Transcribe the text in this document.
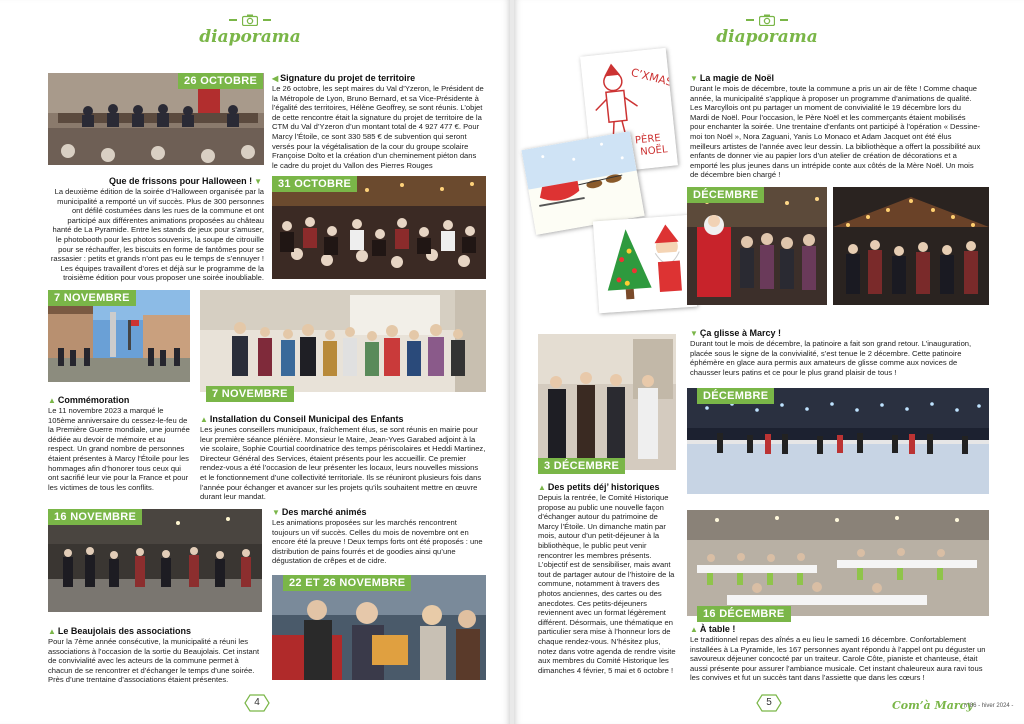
diaporama
26 OCTOBRE	◀ Signature du projet de territoire

Le 26 octobre, les sept maires du Val d’Yzeron, le Président de la Métropole de Lyon, Bruno Bernard, et sa Vice-Présidente à l’égalité des territoires, Hélène Geoffrey, se sont réunis. L’objet de cette rencontre était la signature du projet de territoire de la CTM du Val d’Yzeron d’un montant total de 4 927 477 €. Pour Marcy l’Étoile, ce sont 330 585 € de subvention qui seront versés pour la végétalisation de la cour du groupe scolaire Françoise Dolto et la création d’un cheminement piéton dans le cadre du projet du Vallon des Pierres Rouges

Que de frissons pour Halloween ! ▼

La deuxième édition de la soirée d’Halloween organisée par la municipalité a remporté un vif succès. Plus de 300 personnes ont défilé costumées dans les rues de la commune et ont participé aux différentes animations proposées au château hanté de La Pyramide. Entre les stands de jeux pour s’amuser, le photobooth pour les photos souvenirs, la soupe de citrouille pour se réchauffer, les biscuits en forme de fantômes pour se rassasier : petits et grands n’ont pas eu le temps de s’ennuyer ! Les équipes travaillent d’ores et déjà sur le programme de la troisième édition pour vous proposer une soirée inoubliable.

31 OCTOBRE
7 NOVEMBRE
7 NOVEMBRE
▲ Commémoration

Le 11 novembre 2023 a marqué le 105ème anniversaire du cessez-le-feu de la Première Guerre mondiale, une journée dédiée au devoir de mémoire et au respect. Un grand nombre de personnes étaient présentes à Marcy l’Étoile pour les hommages afin d’honorer tous ceux qui ont sacrifié leur vie pour la France et pour les victimes de tous les conflits.

▲ Installation du Conseil Municipal des Enfants

Les jeunes conseillers municipaux, fraîchement élus, se sont réunis en mairie pour leur première séance plénière. Monsieur le Maire, Jean-Yves Garabed adjoint à la vie scolaire, Sophie Courtial coordinatrice des temps périscolaires et Heddi Martinez, Directeur Général des Services, étaient présents pour les accueillir. Ce premier rendez-vous a été l’occasion de leur présenter les locaux, leurs nouvelles missions et le fonctionnement d’une collectivité territoriale. Ils se réuniront plusieurs fois dans l’année pour échanger et avancer sur les projets qu’ils souhaitent mettre en œuvre durant leur mandat.

16 NOVEMBRE	▼ Des marché animés

Les animations proposées sur les marchés rencontrent toujours un vif succès. Celles du mois de novembre ont en encore été la preuve ! Deux temps forts ont été proposés : une distribution de pains fourrés et de goodies ainsi qu’une dégustation de crêpes et de cidre.

22 ET 26 NOVEMBRE
▲ Le Beaujolais des associations

Pour la 7ème année consécutive, la municipalité a réuni les associations à l’occasion de la sortie du Beaujolais. Cet instant de convivialité avec les acteurs de la commune permet à chacun de se rencontrer et d’échanger le temps d’une soirée. Près d’une trentaine d’associations étaient présentes.

4
diaporama
C’XMAS
PÈRE
NOËL
▼ La magie de Noël

Durant le mois de décembre, toute la commune a pris un air de fête ! Comme chaque année, la municipalité s’applique à proposer un programme d’animations de qualité. Les Marcyllois ont pu partager un moment de convivialité le 19 décembre lors du Mardi de Noël. Pour l’occasion, le Père Noël et les commerçants étaient mobilisés pour enchanter la soirée. Une trentaine d’enfants ont participé à l’opération « Dessine-moi ton Noël », Nora Zaguani, Yanis Lo Monaco et Adam Jacquet ont été élus meilleurs artistes de l’année avec leur dessin. La bibliothèque a offert la possibilité aux enfants de donner vie au papier lors d’un atelier de création de décorations et a emporté les plus jeunes dans un intrépide conte aux côtés de la Mère Noël. Un mois de décembre bien chargé !

DÉCEMBRE
3 DÉCEMBRE
▼ Ça glisse à Marcy !

Durant tout le mois de décembre, la patinoire a fait son grand retour. L’inauguration, placée sous le signe de la convivialité, s’est tenue le 2 décembre. Cette patinoire éphémère en glace aura permis aux amateurs de glisse comme aux novices de chausser leurs patins et ce pour le plus grand plaisir de tous !

DÉCEMBRE
▲ Des petits déj’ historiques

Depuis la rentrée, le Comité Historique propose au public une nouvelle façon d’échanger autour du patrimoine de Marcy l’Étoile. Un dimanche matin par mois, autour d’un petit-déjeuner à la bibliothèque, le public peut venir rencontrer les membres présents. L’objectif est de sensibiliser, mais avant tout de partager autour de l’histoire de la commune, notamment à travers des photos anciennes, des cartes ou des anecdotes. Ces petits-déjeuners reviennent avec un format légèrement différent. Désormais, une thématique en particulier sera mise à l’honneur lors de chaque rendez-vous. N’hésitez plus, notez dans votre agenda de rendre visite aux membres du Comité Historique les dimanches 4 février, 5 mai et 6 octobre !

16 DÉCEMBRE
▲ À table !

Le traditionnel repas des aînés a eu lieu le samedi 16 décembre. Confortablement installées à La Pyramide, les 167 personnes ayant répondu à l’appel ont pu déguster un savoureux déjeuner concocté par un traiteur. Carole Côte, pianiste et chanteuse, était aussi présente pour assurer l’ambiance musicale. Cet instant chaleureux aura ravi tous les convives et fut un succès tant dans l’assiette que dans les cœurs !

5	Com’à Marcy
n°86 - hiver 2024 -
